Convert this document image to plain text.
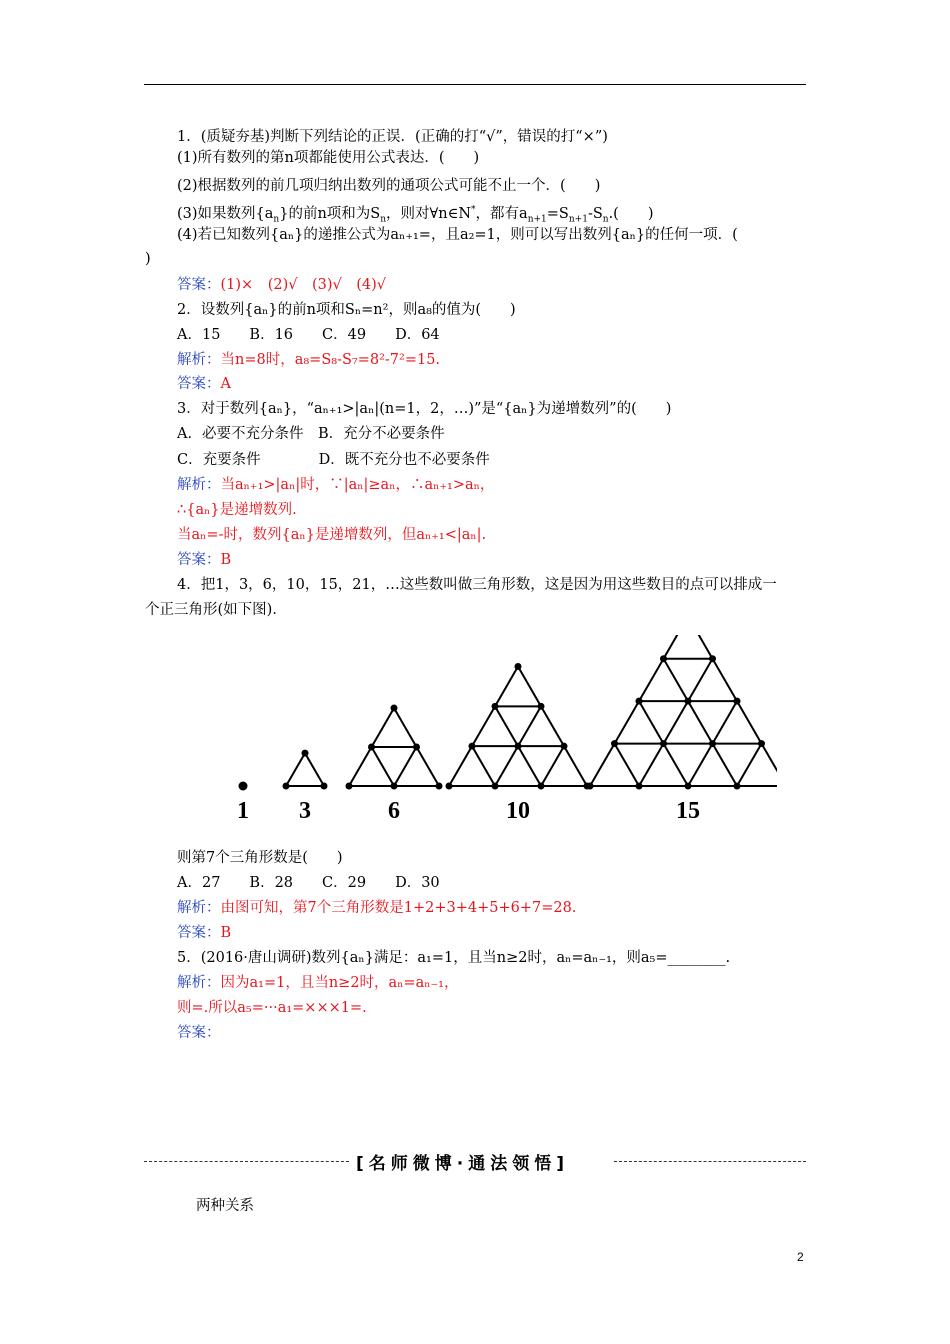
1．(质疑夯基)判断下列结论的正误．(正确的打“√”，错误的打“×”)
(1)所有数列的第n项都能使用公式表达．(　　)
(2)根据数列的前几项归纳出数列的通项公式可能不止一个．(　　)
(3)如果数列$\{a_n\}$的前n项和为$S_n$，则对∀n∈N*，都有$a_{n+1}=S_{n+1}-S_n$.(　　)
(4)若已知数列{aₙ}的递推公式为aₙ₊₁=，且a₂=1，则可以写出数列{aₙ}的任何一项．(
)
答案：(1)×　(2)√　(3)√　(4)√
2．设数列{aₙ}的前n项和Sₙ=n²，则a₈的值为(　　)
A．15　　B．16　　C．49　　D．64
解析：当n=8时，a₈=S₈-S₇=8²-7²=15.
答案：A
3．对于数列{aₙ}，“aₙ₊₁>|aₙ|(n=1，2，…)”是“{aₙ}为递增数列”的(　　)
A．必要不充分条件　B．充分不必要条件
C．充要条件　　　　D．既不充分也不必要条件
解析：当aₙ₊₁>|aₙ|时，∵|aₙ|≥aₙ，∴aₙ₊₁>aₙ，
∴{aₙ}是递增数列.
当aₙ=-时，数列{aₙ}是递增数列，但aₙ₊₁<|aₙ|.
答案：B
4．把1，3，6，10，15，21，…这些数叫做三角形数，这是因为用这些数目的点可以排成一
个正三角形(如下图)．
1 3	6	10	15
则第7个三角形数是(　　)
A．27　　B．28　　C．29　　D．30
解析：由图可知，第7个三角形数是1+2+3+4+5+6+7=28.
答案：B
5．(2016·唐山调研)数列{aₙ}满足：a₁=1，且当n≥2时，aₙ=aₙ₋₁，则a₅=________.
解析：因为a₁=1，且当n≥2时，aₙ=aₙ₋₁，
则=.所以a₅=···a₁=×××1=.
答案：
[名师微博·通法领悟]
两种关系
2
